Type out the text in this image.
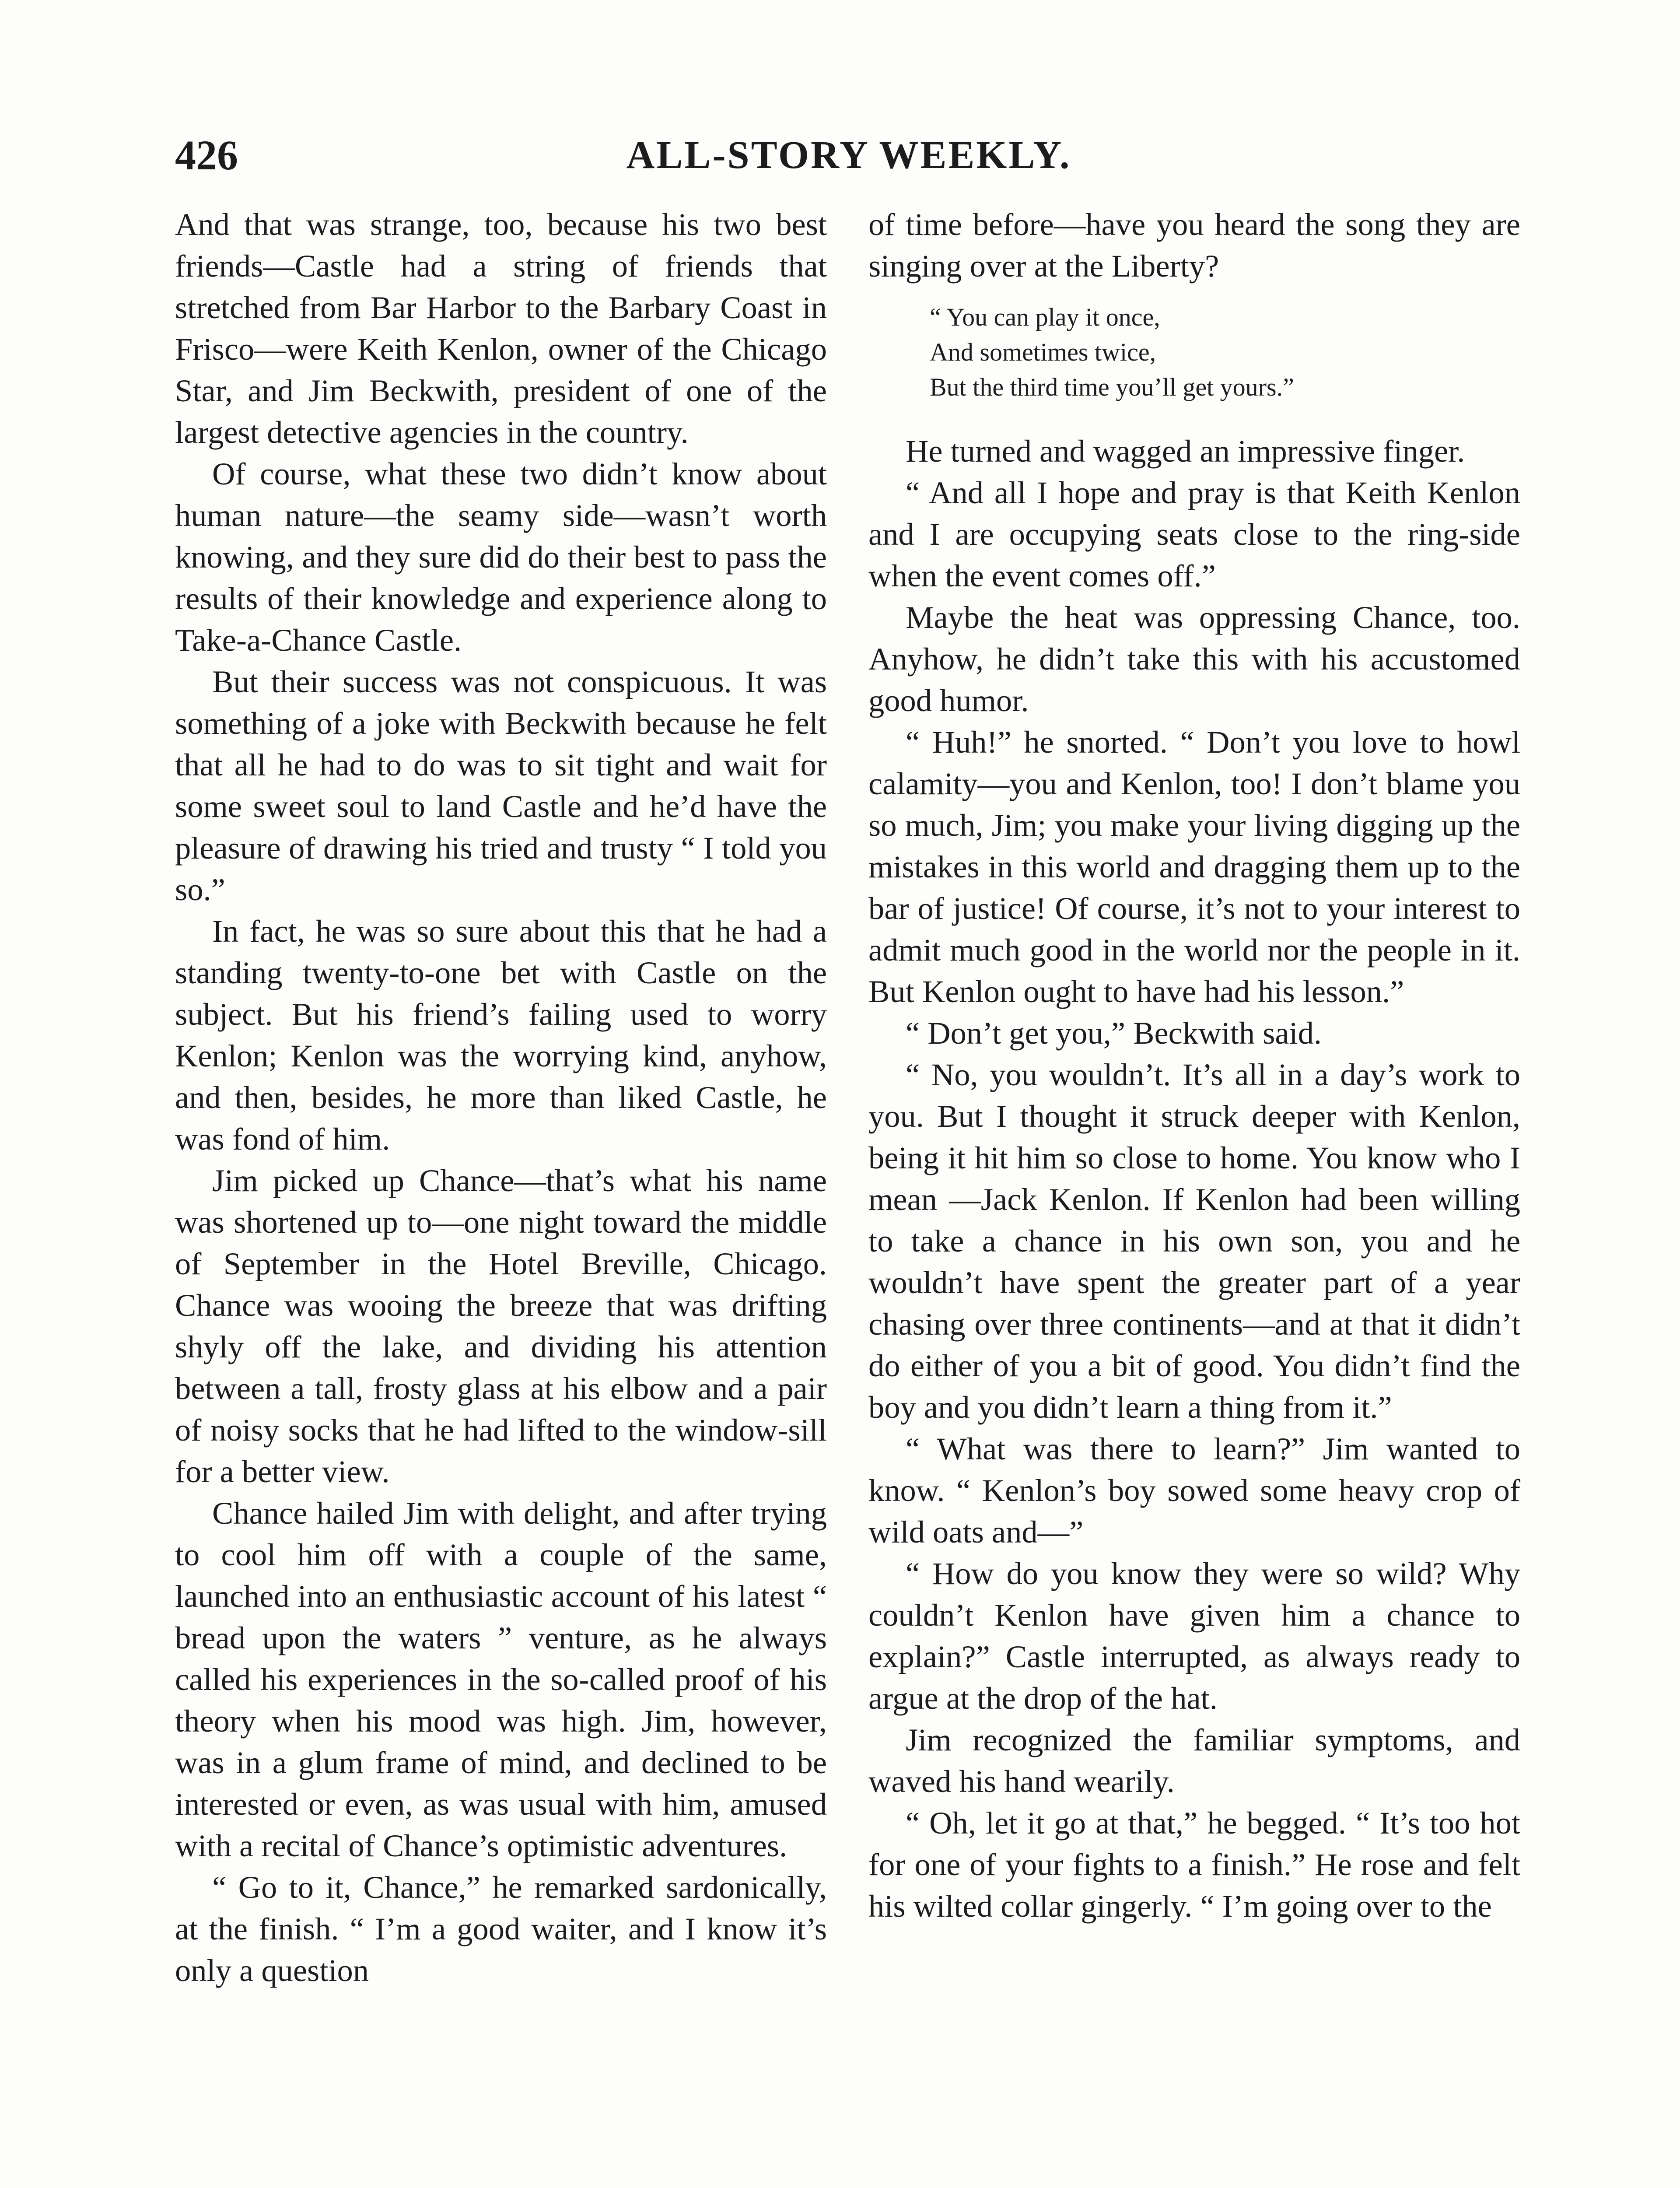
426	ALL-STORY WEEKLY.

And that was strange, too, because his two best friends—Castle had a string of friends that stretched from Bar Harbor to the Barbary Coast in Frisco—were Keith Kenlon, owner of the Chicago Star, and Jim Beckwith, president of one of the largest detective agencies in the country.

Of course, what these two didn’t know about human nature—the seamy side—wasn’t worth knowing, and they sure did do their best to pass the results of their knowledge and experience along to Take-a-Chance Castle.

But their success was not conspicuous. It was something of a joke with Beckwith because he felt that all he had to do was to sit tight and wait for some sweet soul to land Castle and he’d have the pleasure of drawing his tried and trusty “ I told you so.”

In fact, he was so sure about this that he had a standing twenty-to-one bet with Castle on the subject. But his friend’s failing used to worry Kenlon; Kenlon was the worrying kind, anyhow, and then, besides, he more than liked Castle, he was fond of him.

Jim picked up Chance—that’s what his name was shortened up to—one night toward the middle of September in the Hotel Breville, Chicago. Chance was wooing the breeze that was drifting shyly off the lake, and dividing his attention between a tall, frosty glass at his elbow and a pair of noisy socks that he had lifted to the window-sill for a better view.

Chance hailed Jim with delight, and after trying to cool him off with a couple of the same, launched into an enthusiastic account of his latest “ bread upon the waters ” venture, as he always called his experiences in the so-called proof of his theory when his mood was high. Jim, however, was in a glum frame of mind, and declined to be interested or even, as was usual with him, amused with a recital of Chance’s optimistic adventures.

“ Go to it, Chance,” he remarked sardonically, at the finish. “ I’m a good waiter, and I know it’s only a question

of time before—have you heard the song they are singing over at the Liberty?

“ You can play it once,
And sometimes twice,
But the third time you’ll get yours.”

He turned and wagged an impressive finger.

“ And all I hope and pray is that Keith Kenlon and I are occupying seats close to the ring-side when the event comes off.”

Maybe the heat was oppressing Chance, too. Anyhow, he didn’t take this with his accustomed good humor.

“ Huh!” he snorted. “ Don’t you love to howl calamity—you and Kenlon, too! I don’t blame you so much, Jim; you make your living digging up the mistakes in this world and dragging them up to the bar of justice! Of course, it’s not to your interest to admit much good in the world nor the people in it. But Kenlon ought to have had his lesson.”

“ Don’t get you,” Beckwith said.

“ No, you wouldn’t. It’s all in a day’s work to you. But I thought it struck deeper with Kenlon, being it hit him so close to home. You know who I mean —Jack Kenlon. If Kenlon had been willing to take a chance in his own son, you and he wouldn’t have spent the greater part of a year chasing over three continents—and at that it didn’t do either of you a bit of good. You didn’t find the boy and you didn’t learn a thing from it.”

“ What was there to learn?” Jim wanted to know. “ Kenlon’s boy sowed some heavy crop of wild oats and—”

“ How do you know they were so wild? Why couldn’t Kenlon have given him a chance to explain?” Castle interrupted, as always ready to argue at the drop of the hat.

Jim recognized the familiar symptoms, and waved his hand wearily.

“ Oh, let it go at that,” he begged. “ It’s too hot for one of your fights to a finish.” He rose and felt his wilted collar gingerly. “ I’m going over to the
